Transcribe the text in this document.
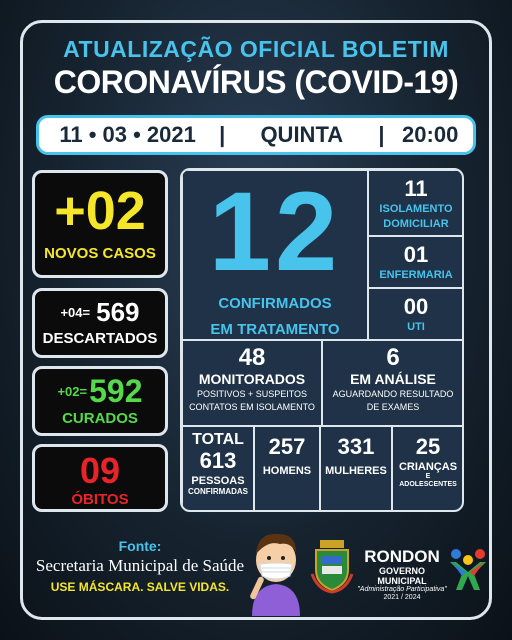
ATUALIZAÇÃO OFICIAL BOLETIM
CORONAVÍRUS (COVID-19)
11 • 03 • 2021	|	QUINTA	| 20:00
+02
NOVOS CASOS
+04= 569
DESCARTADOS
+02= 592
CURADOS
09
ÓBITOS
12
CONFIRMADOS
EM TRATAMENTO
11
ISOLAMENTO
DOMICILIAR
01
ENFERMARIA
00
UTI
48
MONITORADOS
POSITIVOS + SUSPEITOS
CONTATOS EM ISOLAMENTO
6
EM ANÁLISE
AGUARDANDO RESULTADO
DE EXAMES
TOTAL
613
PESSOAS
CONFIRMADAS
257
HOMENS
331
MULHERES
25
CRIANÇAS
E
ADOLESCENTES
Fonte:
Secretaria Municipal de Saúde
USE MÁSCARA. SALVE VIDAS.
RONDON
GOVERNO MUNICIPAL
"Administração Participativa"
2021 / 2024
